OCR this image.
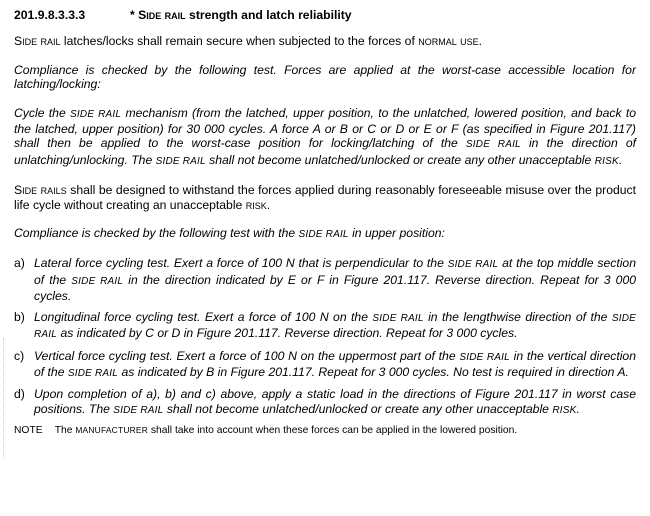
201.9.8.3.3.3	* Side rail strength and latch reliability

Side rail latches/locks shall remain secure when subjected to the forces of normal use.

Compliance is checked by the following test. Forces are applied at the worst-case accessible location for latching/locking:

Cycle the SIDE RAIL mechanism (from the latched, upper position, to the unlatched, lowered position, and back to the latched, upper position) for 30 000 cycles. A force A or B or C or D or E or F (as specified in Figure 201.117) shall then be applied to the worst-case position for locking/latching of the SIDE RAIL in the direction of unlatching/unlocking. The SIDE RAIL shall not become unlatched/unlocked or create any other unacceptable RISK.

Side rails shall be designed to withstand the forces applied during reasonably foreseeable misuse over the product life cycle without creating an unacceptable risk.

Compliance is checked by the following test with the SIDE RAIL in upper position:

a) Lateral force cycling test. Exert a force of 100 N that is perpendicular to the SIDE RAIL at the top middle section of the SIDE RAIL in the direction indicated by E or F in Figure 201.117. Reverse direction. Repeat for 3 000 cycles.
b) Longitudinal force cycling test. Exert a force of 100 N on the SIDE RAIL in the lengthwise direction of the SIDE RAIL as indicated by C or D in Figure 201.117. Reverse direction. Repeat for 3 000 cycles.
c) Vertical force cycling test. Exert a force of 100 N on the uppermost part of the SIDE RAIL in the vertical direction of the SIDE RAIL as indicated by B in Figure 201.117. Repeat for 3 000 cycles. No test is required in direction A.
d) Upon completion of a), b) and c) above, apply a static load in the directions of Figure 201.117 in worst case positions. The SIDE RAIL shall not become unlatched/unlocked or create any other unacceptable RISK.
NOTE The MANUFACTURER shall take into account when these forces can be applied in the lowered position.
